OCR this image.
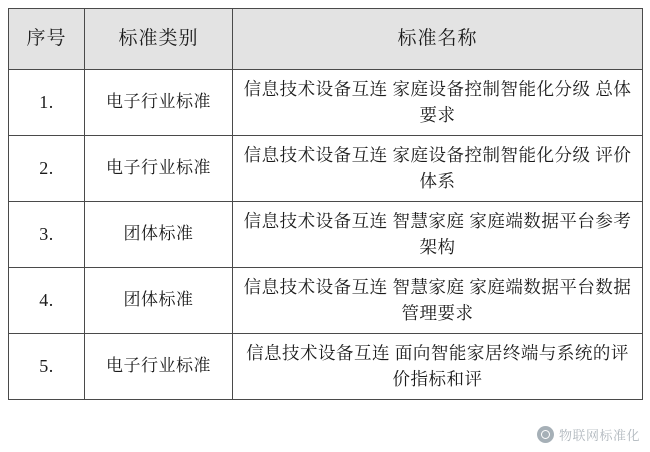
序号	标准类别	标准名称
1.	电子行业标准	信息技术设备互连 家庭设备控制智能化分级 总体要求
2.	电子行业标准	信息技术设备互连 家庭设备控制智能化分级 评价体系
3.	团体标准	信息技术设备互连 智慧家庭 家庭端数据平台参考架构
4.	团体标准	信息技术设备互连 智慧家庭 家庭端数据平台数据管理要求
5.	电子行业标准	信息技术设备互连 面向智能家居终端与系统的评价指标和评
物联网标准化
